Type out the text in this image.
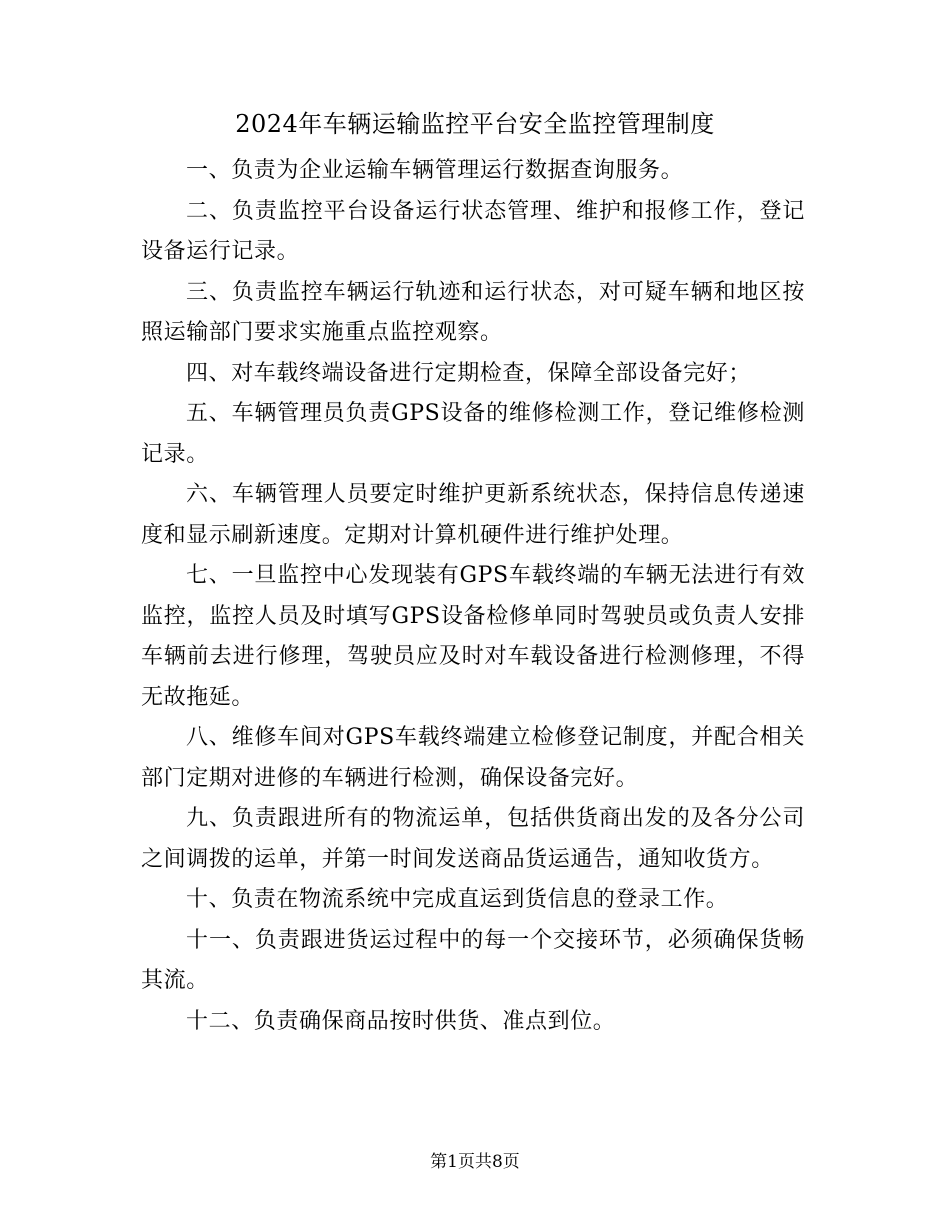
2024年车辆运输监控平台安全监控管理制度

一、负责为企业运输车辆管理运行数据查询服务。

二、负责监控平台设备运行状态管理、维护和报修工作，登记设备运行记录。

三、负责监控车辆运行轨迹和运行状态，对可疑车辆和地区按照运输部门要求实施重点监控观察。

四、对车载终端设备进行定期检查，保障全部设备完好；

五、车辆管理员负责GPS设备的维修检测工作，登记维修检测记录。

六、车辆管理人员要定时维护更新系统状态，保持信息传递速度和显示刷新速度。定期对计算机硬件进行维护处理。

七、一旦监控中心发现装有GPS车载终端的车辆无法进行有效监控，监控人员及时填写GPS设备检修单同时驾驶员或负责人安排车辆前去进行修理，驾驶员应及时对车载设备进行检测修理，不得无故拖延。

八、维修车间对GPS车载终端建立检修登记制度，并配合相关部门定期对进修的车辆进行检测，确保设备完好。

九、负责跟进所有的物流运单，包括供货商出发的及各分公司之间调拨的运单，并第一时间发送商品货运通告，通知收货方。

十、负责在物流系统中完成直运到货信息的登录工作。

十一、负责跟进货运过程中的每一个交接环节，必须确保货畅其流。

十二、负责确保商品按时供货、准点到位。

第1页共8页
